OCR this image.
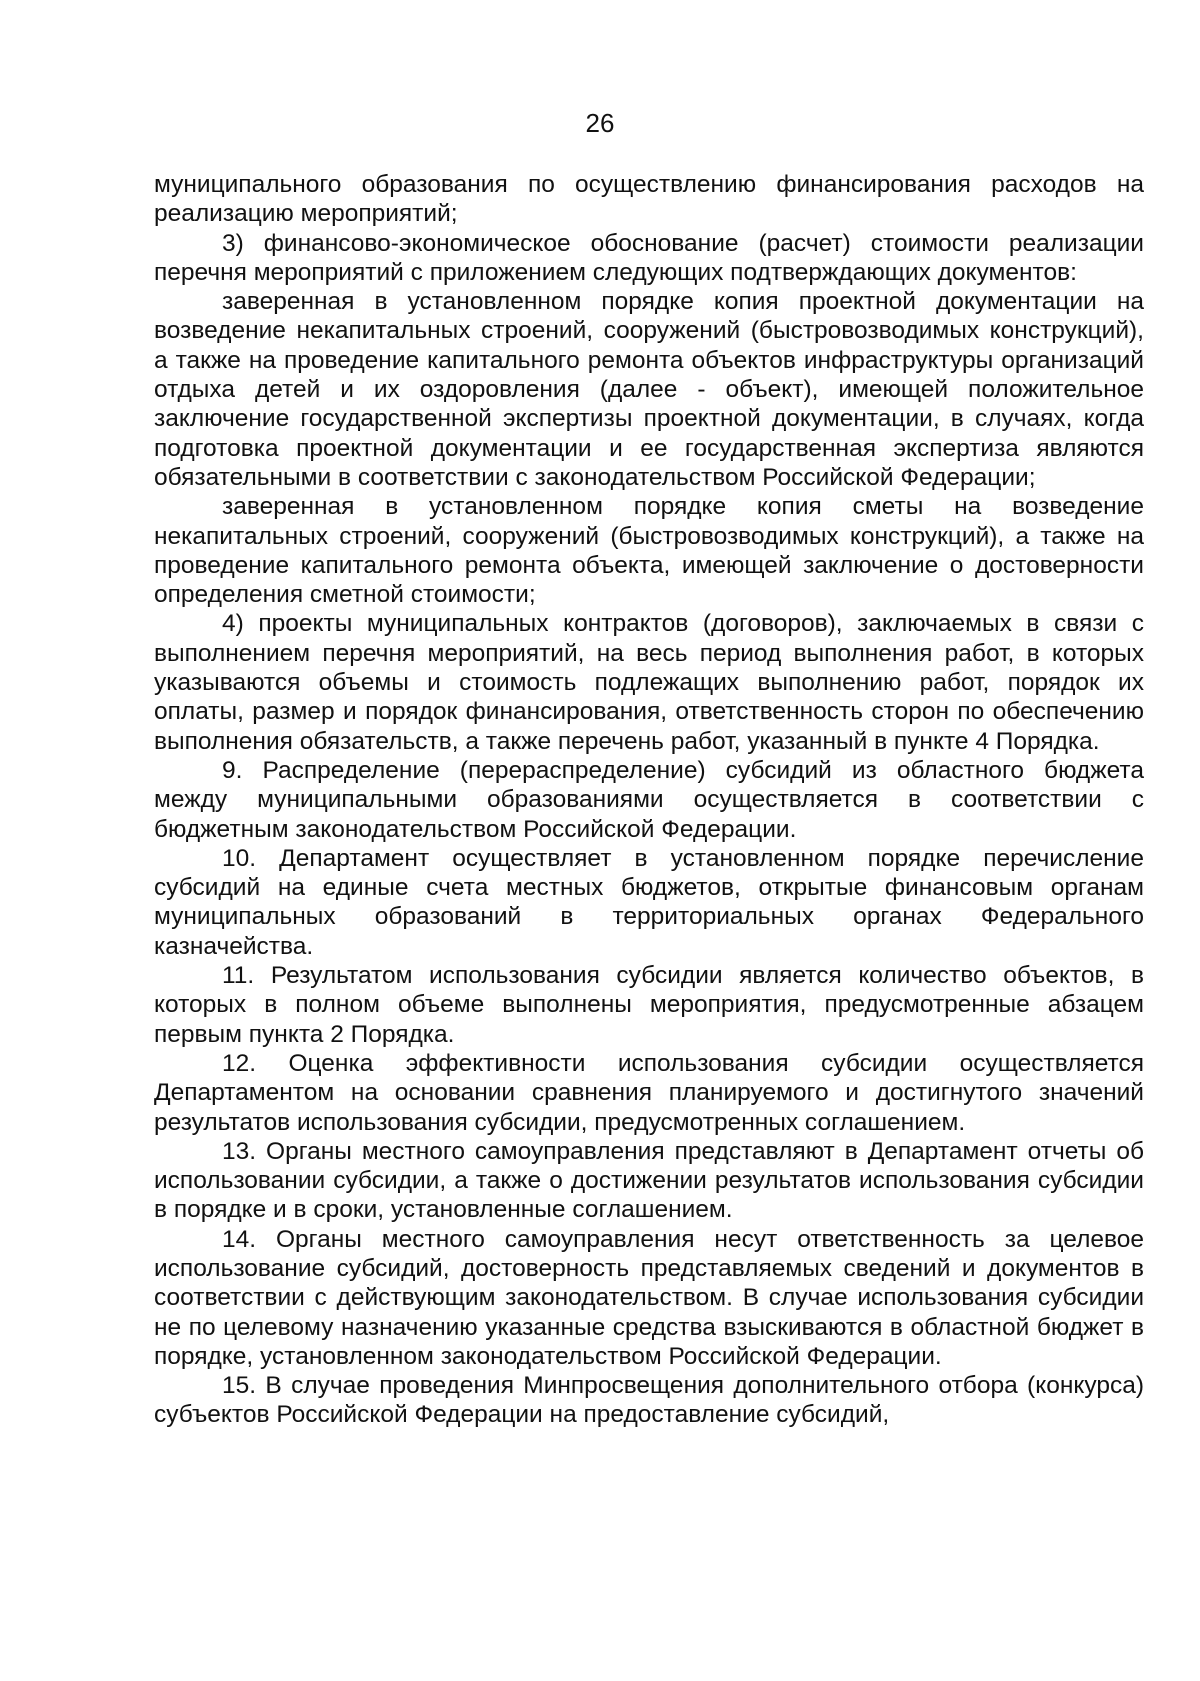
26

муниципального образования по осуществлению финансирования расходов на реализацию мероприятий;

3) финансово-экономическое обоснование (расчет) стоимости реализации перечня мероприятий с приложением следующих подтверждающих документов:

заверенная в установленном порядке копия проектной документации на возведение некапитальных строений, сооружений (быстровозводимых конструкций), а также на проведение капитального ремонта объектов инфраструктуры организаций отдыха детей и их оздоровления (далее - объект), имеющей положительное заключение государственной экспертизы проектной документации, в случаях, когда подготовка проектной документации и ее государственная экспертиза являются обязательными в соответствии с законодательством Российской Федерации;

заверенная в установленном порядке копия сметы на возведение некапитальных строений, сооружений (быстровозводимых конструкций), а также на проведение капитального ремонта объекта, имеющей заключение о достоверности определения сметной стоимости;

4) проекты муниципальных контрактов (договоров), заключаемых в связи с выполнением перечня мероприятий, на весь период выполнения работ, в которых указываются объемы и стоимость подлежащих выполнению работ, порядок их оплаты, размер и порядок финансирования, ответственность сторон по обеспечению выполнения обязательств, а также перечень работ, указанный в пункте 4 Порядка.

9. Распределение (перераспределение) субсидий из областного бюджета между муниципальными образованиями осуществляется в соответствии с бюджетным законодательством Российской Федерации.

10. Департамент осуществляет в установленном порядке перечисление субсидий на единые счета местных бюджетов, открытые финансовым органам муниципальных образований в территориальных органах Федерального казначейства.

11. Результатом использования субсидии является количество объектов, в которых в полном объеме выполнены мероприятия, предусмотренные абзацем первым пункта 2 Порядка.

12. Оценка эффективности использования субсидии осуществляется Департаментом на основании сравнения планируемого и достигнутого значений результатов использования субсидии, предусмотренных соглашением.

13. Органы местного самоуправления представляют в Департамент отчеты об использовании субсидии, а также о достижении результатов использования субсидии в порядке и в сроки, установленные соглашением.

14. Органы местного самоуправления несут ответственность за целевое использование субсидий, достоверность представляемых сведений и документов в соответствии с действующим законодательством. В случае использования субсидии не по целевому назначению указанные средства взыскиваются в областной бюджет в порядке, установленном законодательством Российской Федерации.

15. В случае проведения Минпросвещения дополнительного отбора (конкурса) субъектов Российской Федерации на предоставление субсидий,
